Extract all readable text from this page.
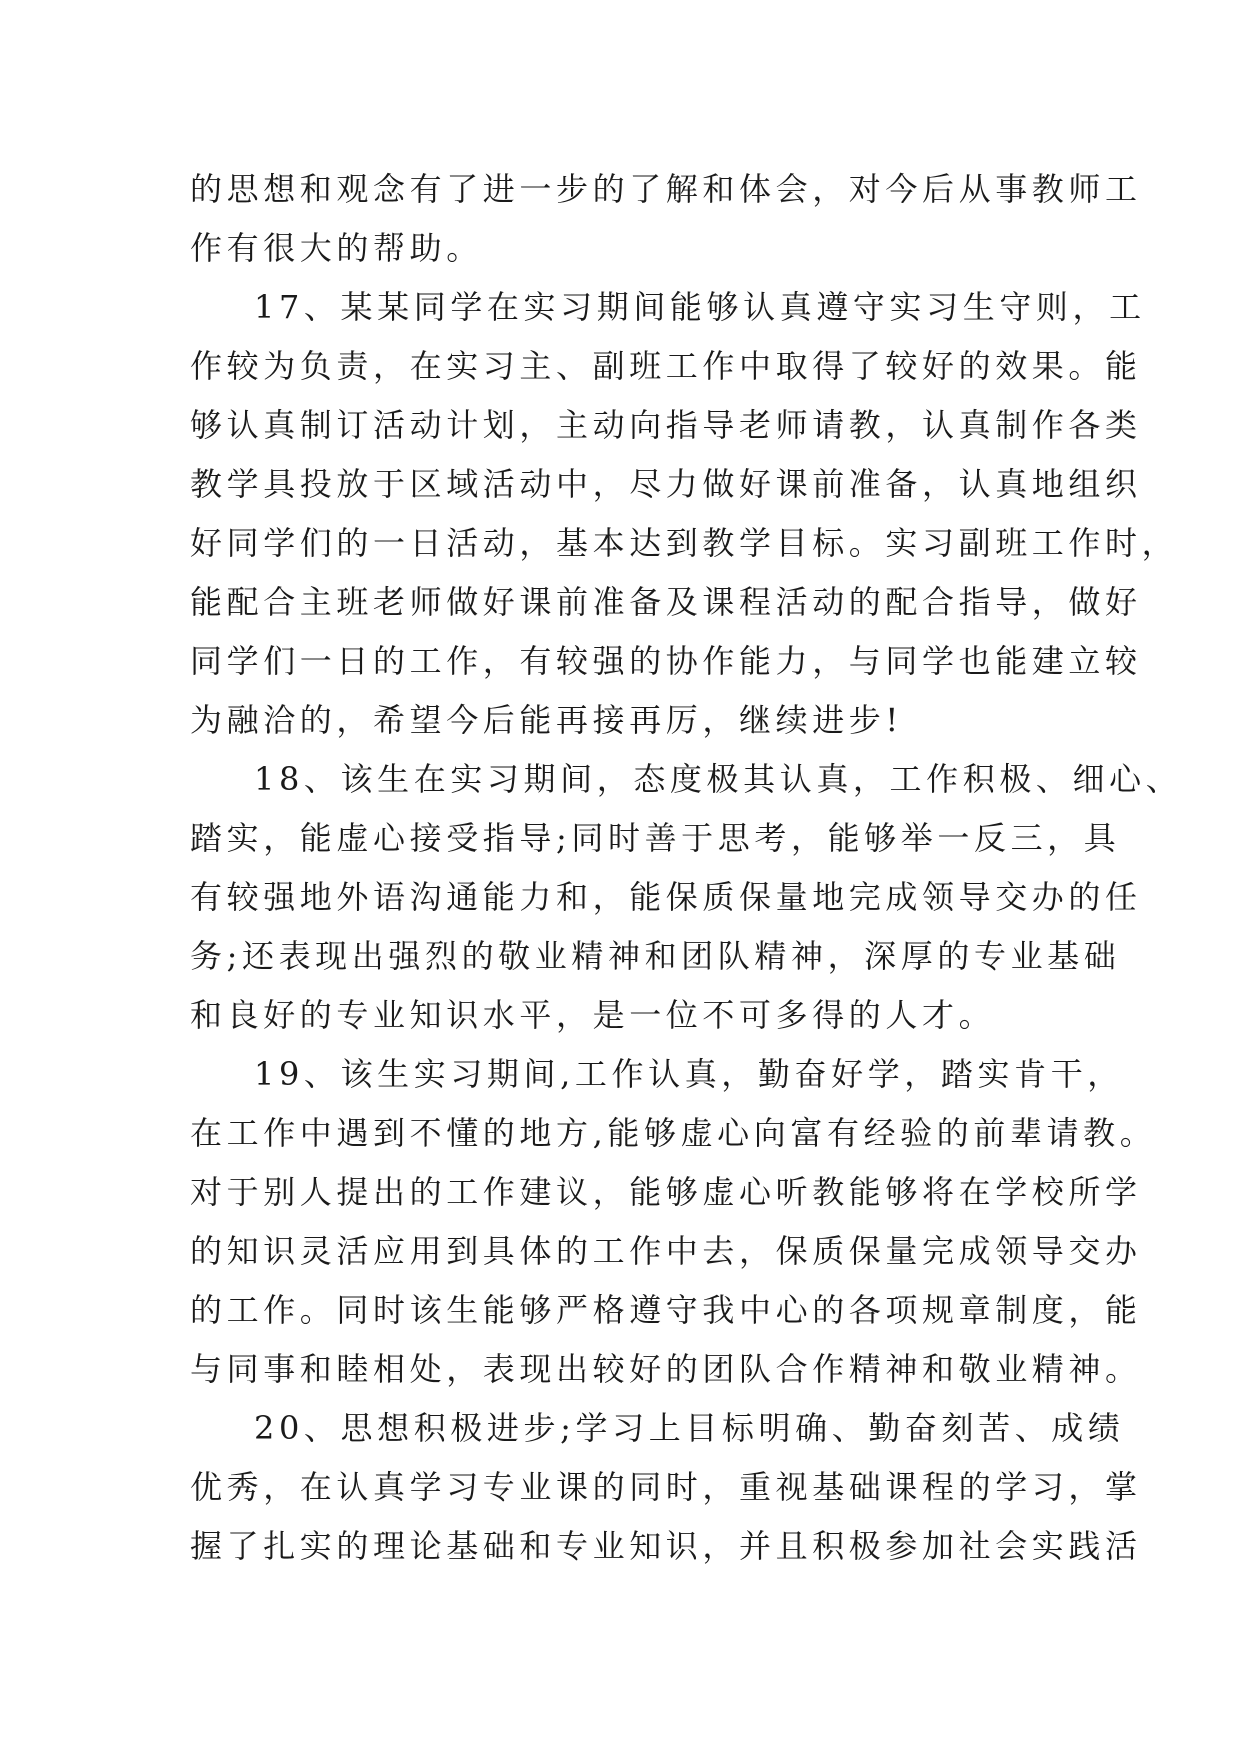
的思想和观念有了进一步的了解和体会，对今后从事教师工
作有很大的帮助。
17、某某同学在实习期间能够认真遵守实习生守则，工
作较为负责，在实习主、副班工作中取得了较好的效果。能
够认真制订活动计划，主动向指导老师请教，认真制作各类
教学具投放于区域活动中，尽力做好课前准备，认真地组织
好同学们的一日活动，基本达到教学目标。实习副班工作时，
能配合主班老师做好课前准备及课程活动的配合指导，做好
同学们一日的工作，有较强的协作能力，与同学也能建立较
为融洽的，希望今后能再接再厉，继续进步!
18、该生在实习期间，态度极其认真，工作积极、细心、
踏实，能虚心接受指导;同时善于思考，能够举一反三，具
有较强地外语沟通能力和，能保质保量地完成领导交办的任
务;还表现出强烈的敬业精神和团队精神，深厚的专业基础
和良好的专业知识水平，是一位不可多得的人才。
19、该生实习期间,工作认真，勤奋好学，踏实肯干，
在工作中遇到不懂的地方,能够虚心向富有经验的前辈请教。
对于别人提出的工作建议，能够虚心听教能够将在学校所学
的知识灵活应用到具体的工作中去，保质保量完成领导交办
的工作。同时该生能够严格遵守我中心的各项规章制度，能
与同事和睦相处，表现出较好的团队合作精神和敬业精神。
20、思想积极进步;学习上目标明确、勤奋刻苦、成绩
优秀，在认真学习专业课的同时，重视基础课程的学习，掌
握了扎实的理论基础和专业知识，并且积极参加社会实践活
